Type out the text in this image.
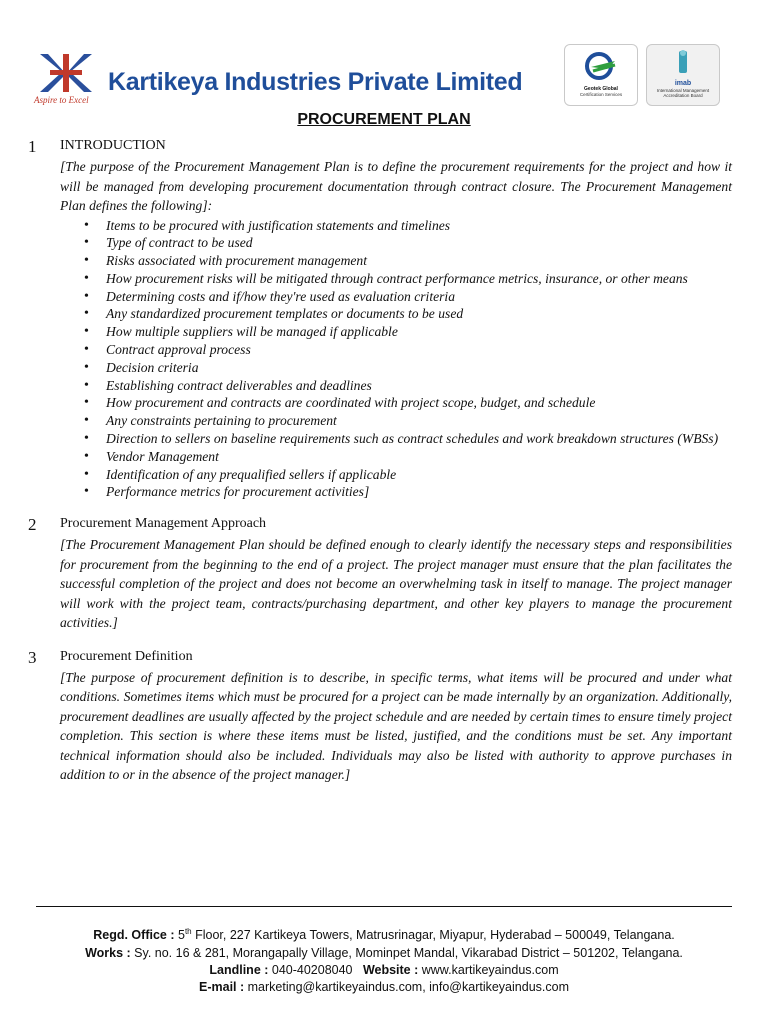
Aspire to Excel
Kartikeya Industries Private Limited	Geotek Global
Certification Services
imab
International Management Accreditation Board
PROCUREMENT PLAN
1 INTRODUCTION

[The purpose of the Procurement Management Plan is to define the procurement requirements for the project and how it will be managed from developing procurement documentation through contract closure. The Procurement Management Plan defines the following]:

• Items to be procured with justification statements and timelines
• Type of contract to be used
• Risks associated with procurement management
• How procurement risks will be mitigated through contract performance metrics, insurance, or other means
• Determining costs and if/how they're used as evaluation criteria
• Any standardized procurement templates or documents to be used
• How multiple suppliers will be managed if applicable
• Contract approval process
• Decision criteria
• Establishing contract deliverables and deadlines
• How procurement and contracts are coordinated with project scope, budget, and schedule
• Any constraints pertaining to procurement
• Direction to sellers on baseline requirements such as contract schedules and work breakdown structures (WBSs)
• Vendor Management
• Identification of any prequalified sellers if applicable
• Performance metrics for procurement activities]
2 Procurement Management Approach

[The Procurement Management Plan should be defined enough to clearly identify the necessary steps and responsibilities for procurement from the beginning to the end of a project. The project manager must ensure that the plan facilitates the successful completion of the project and does not become an overwhelming task in itself to manage. The project manager will work with the project team, contracts/purchasing department, and other key players to manage the procurement activities.]

3 Procurement Definition

[The purpose of procurement definition is to describe, in specific terms, what items will be procured and under what conditions. Sometimes items which must be procured for a project can be made internally by an organization. Additionally, procurement deadlines are usually affected by the project schedule and are needed by certain times to ensure timely project completion. This section is where these items must be listed, justified, and the conditions must be set. Any important technical information should also be included. Individuals may also be listed with authority to approve purchases in addition to or in the absence of the project manager.]

Regd. Office : 5th Floor, 227 Kartikeya Towers, Matrusrinagar, Miyapur, Hyderabad – 500049, Telangana.
Works : Sy. no. 16 & 281, Morangapally Village, Mominpet Mandal, Vikarabad District – 501202, Telangana.
Landline : 040-40208040 Website : www.kartikeyaindus.com
E-mail : marketing@kartikeyaindus.com, info@kartikeyaindus.com
